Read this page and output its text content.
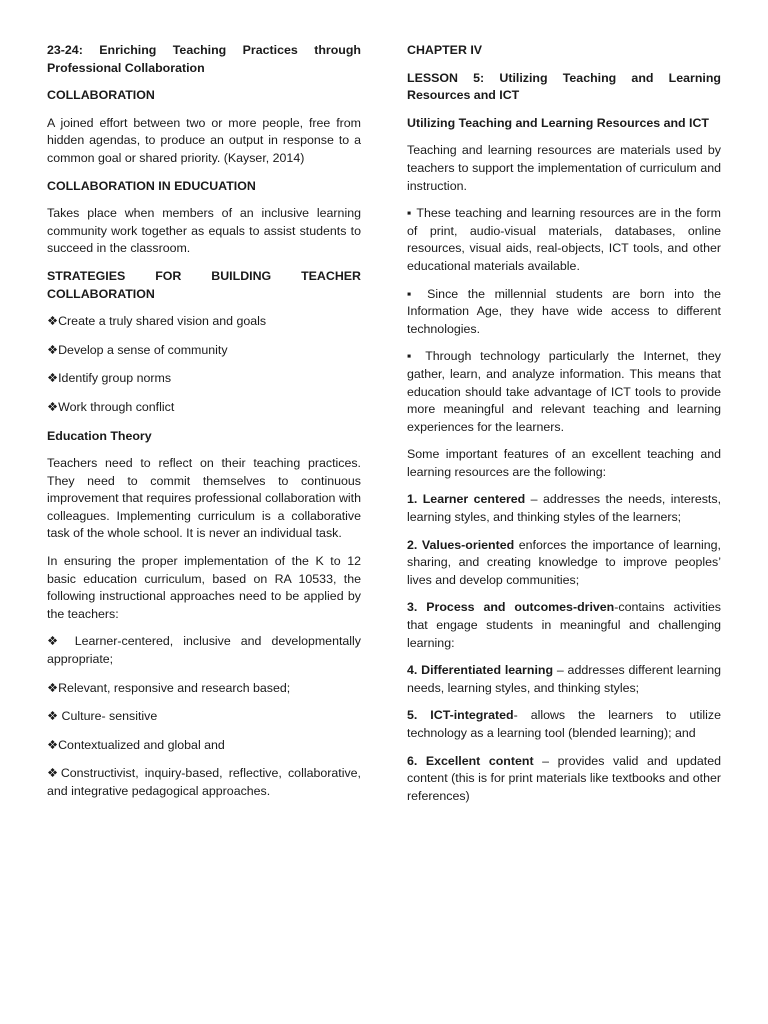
23-24: Enriching Teaching Practices through Professional Collaboration

COLLABORATION

A joined effort between two or more people, free from hidden agendas, to produce an output in response to a common goal or shared priority. (Kayser, 2014)

COLLABORATION IN EDUCUATION

Takes place when members of an inclusive learning community work together as equals to assist students to succeed in the classroom.

STRATEGIES FOR BUILDING TEACHER COLLABORATION

❖Create a truly shared vision and goals

❖Develop a sense of community

❖Identify group norms

❖Work through conflict

Education Theory

Teachers need to reflect on their teaching practices. They need to commit themselves to continuous improvement that requires professional collaboration with colleagues. Implementing curriculum is a collaborative task of the whole school. It is never an individual task.

In ensuring the proper implementation of the K to 12 basic education curriculum, based on RA 10533, the following instructional approaches need to be applied by the teachers:

❖ Learner-centered, inclusive and developmentally appropriate;

❖Relevant, responsive and research based;

❖ Culture- sensitive

❖Contextualized and global and

❖Constructivist, inquiry-based, reflective, collaborative, and integrative pedagogical approaches.

CHAPTER IV

LESSON 5: Utilizing Teaching and Learning Resources and ICT

Utilizing Teaching and Learning Resources and ICT

Teaching and learning resources are materials used by teachers to support the implementation of curriculum and instruction.

▪ These teaching and learning resources are in the form of print, audio-visual materials, databases, online resources, visual aids, real-objects, ICT tools, and other educational materials available.

▪ Since the millennial students are born into the Information Age, they have wide access to different technologies.

▪ Through technology particularly the Internet, they gather, learn, and analyze information. This means that education should take advantage of ICT tools to provide more meaningful and relevant teaching and learning experiences for the learners.

Some important features of an excellent teaching and learning resources are the following:

1. Learner centered – addresses the needs, interests, learning styles, and thinking styles of the learners;

2. Values-oriented enforces the importance of learning, sharing, and creating knowledge to improve peoples’ lives and develop communities;

3. Process and outcomes-driven-contains activities that engage students in meaningful and challenging learning:

4. Differentiated learning – addresses different learning needs, learning styles, and thinking styles;

5. ICT-integrated- allows the learners to utilize technology as a learning tool (blended learning); and

6. Excellent content – provides valid and updated content (this is for print materials like textbooks and other references)
